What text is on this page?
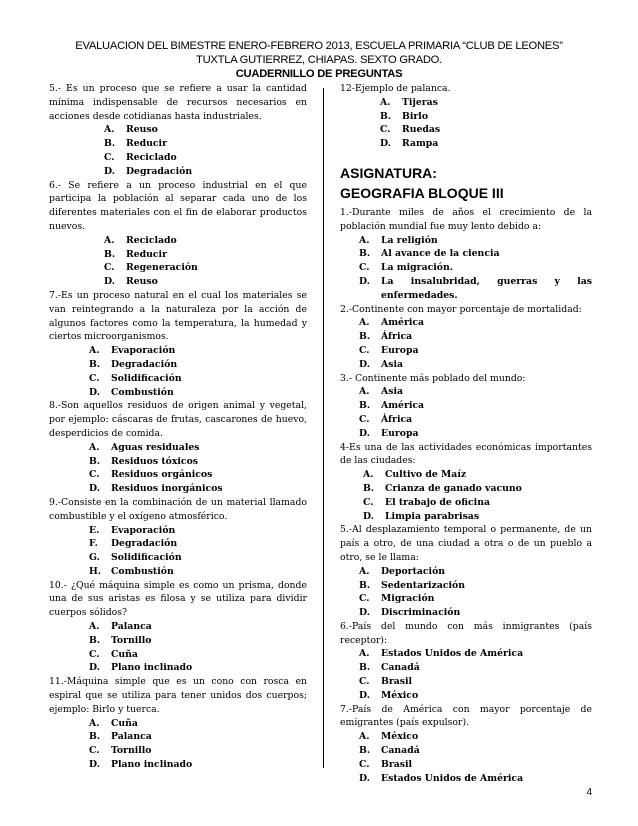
EVALUACION DEL BIMESTRE ENERO-FEBRERO 2013, ESCUELA PRIMARIA “CLUB DE LEONES”
TUXTLA GUTIERREZ, CHIAPAS. SEXTO GRADO.
CUADERNILLO DE PREGUNTAS
5.- Es un proceso que se refiere a usar la cantidad mínima indispensable de recursos necesarios en acciones desde cotidianas hasta industriales.
A.	Reuso
B.	Reducir
C.	Reciclado
D.	Degradación
6.- Se refiere a un proceso industrial en el que participa la población al separar cada uno de los diferentes materiales con el fin de elaborar productos nuevos.
A.	Reciclado
B.	Reducir
C.	Regeneración
D.	Reuso
7.-Es un proceso natural en el cual los materiales se van reintegrando a la naturaleza por la acción de algunos factores como la temperatura, la humedad y ciertos microorganismos.
A.	Evaporación
B.	Degradación
C.	Solidificación
D.	Combustión
8.-Son aquellos residuos de origen animal y vegetal, por ejemplo: cáscaras de frutas, cascarones de huevo, desperdicios de comida.
A.	Aguas residuales
B.	Residuos tóxicos
C.	Residuos orgánicos
D.	Residuos inorgánicos
9.-Consiste en la combinación de un material llamado combustible y el oxígeno atmosférico.
E.	Evaporación
F.	Degradación
G.	Solidificación
H.	Combustión
10.- ¿Qué máquina simple es como un prisma, donde una de sus aristas es filosa y se utiliza para dividir cuerpos sólidos?
A.	Palanca
B.	Tornillo
C.	Cuña
D.	Plano inclinado
11.-Máquina simple que es un cono con rosca en espiral que se utiliza para tener unidos dos cuerpos; ejemplo: Birlo y tuerca.
A.	Cuña
B.	Palanca
C.	Tornillo
D.	Plano inclinado
12-Ejemplo de palanca.
A.	Tijeras
B.	Birlo
C.	Ruedas
D.	Rampa
ASIGNATURA:
GEOGRAFIA BLOQUE III
1.-Durante miles de años el crecimiento de la población mundial fue muy lento debido a:
A.	La religión
B.	Al avance de la ciencia
C.	La migración.
D.	La insalubridad, guerras y las enfermedades.
2.-Continente con mayor porcentaje de mortalidad:
A.	América
B.	África
C.	Europa
D.	Asia
3.- Continente más poblado del mundo:
A.	Asia
B.	América
C.	África
D.	Europa
4-Es una de las actividades económicas importantes de las ciudades:
A.	Cultivo de Maíz
B.	Crianza de ganado vacuno
C.	El trabajo de oficina
D.	Limpia parabrisas
5.-Al desplazamiento temporal o permanente, de un país a otro, de una ciudad a otra o de un pueblo a otro, se le llama:
A.	Deportación
B.	Sedentarización
C.	Migración
D.	Discriminación
6.-País del mundo con más inmigrantes (país receptor):
A.	Estados Unidos de América
B.	Canadá
C.	Brasil
D.	México
7.-País de América con mayor porcentaje de emigrantes (país expulsor).
A.	México
B.	Canadá
C.	Brasil
D.	Estados Unidos de América
4
